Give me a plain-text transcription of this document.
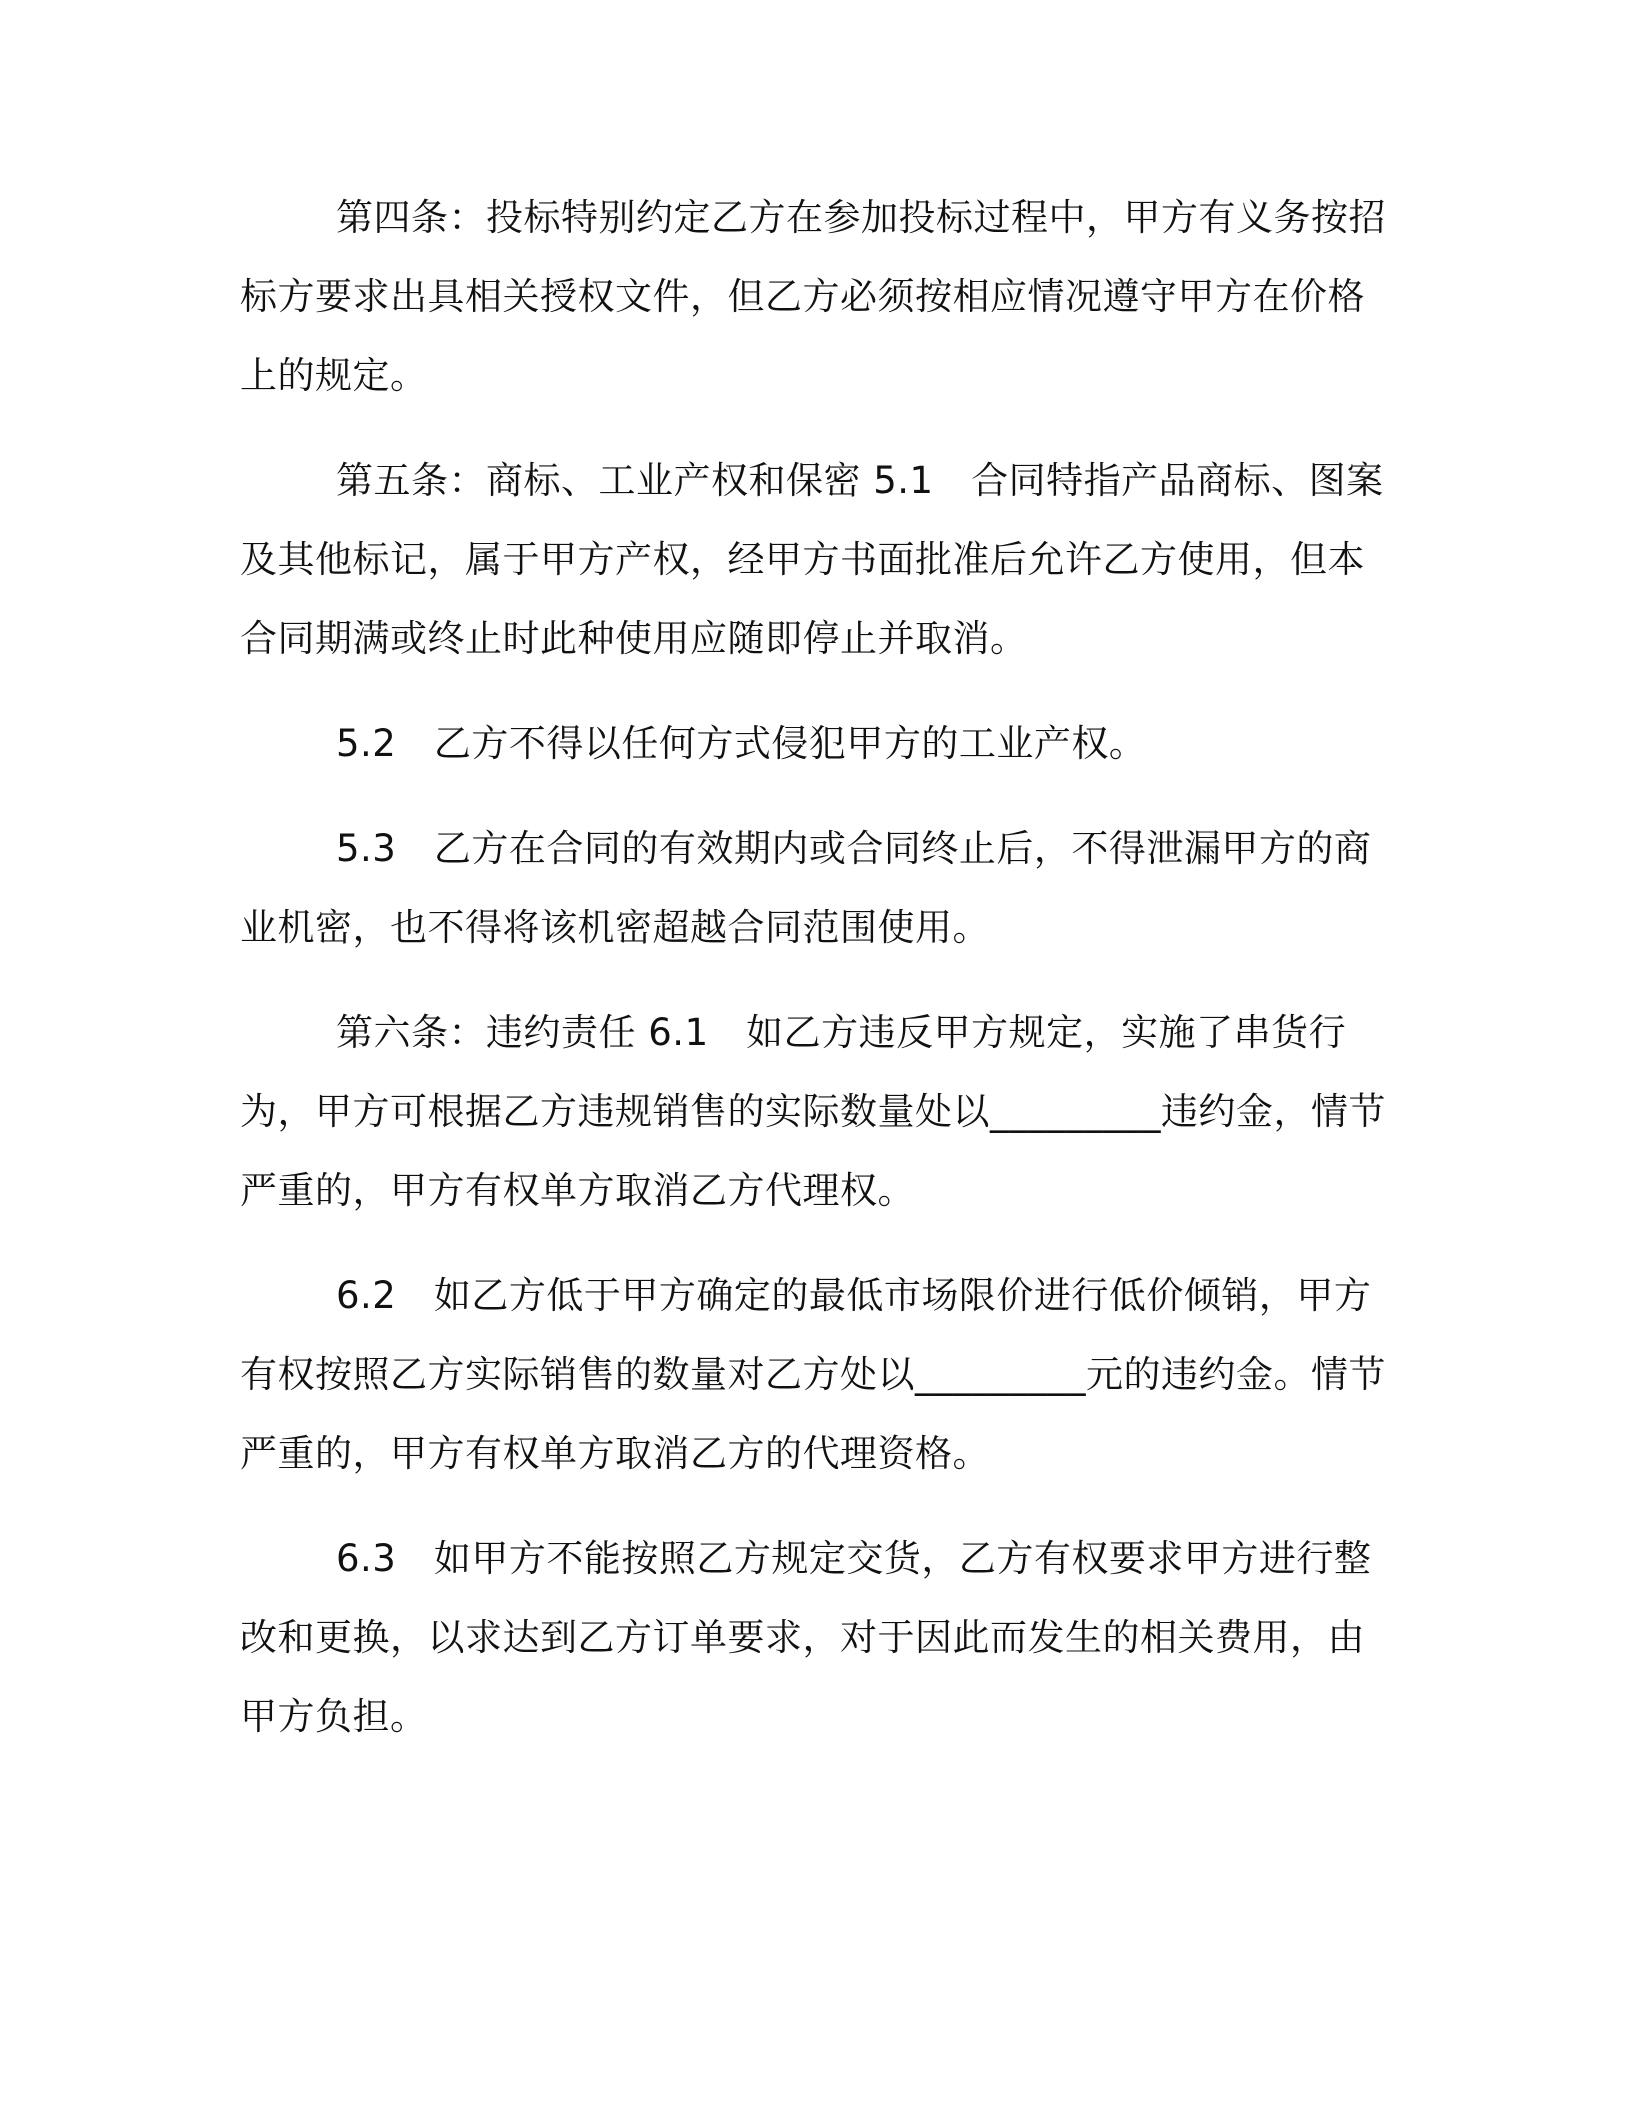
第四条：投标特别约定乙方在参加投标过程中，甲方有义务按招标方要求出具相关授权文件，但乙方必须按相应情况遵守甲方在价格上的规定。

第五条：商标、工业产权和保密 5.1　合同特指产品商标、图案及其他标记，属于甲方产权，经甲方书面批准后允许乙方使用，但本合同期满或终止时此种使用应随即停止并取消。

5.2　乙方不得以任何方式侵犯甲方的工业产权。

5.3　乙方在合同的有效期内或合同终止后，不得泄漏甲方的商业机密，也不得将该机密超越合同范围使用。

第六条：违约责任 6.1　如乙方违反甲方规定，实施了串货行为，甲方可根据乙方违规销售的实际数量处以_________违约金，情节严重的，甲方有权单方取消乙方代理权。

6.2　如乙方低于甲方确定的最低市场限价进行低价倾销，甲方有权按照乙方实际销售的数量对乙方处以_________元的违约金。情节严重的，甲方有权单方取消乙方的代理资格。

6.3　如甲方不能按照乙方规定交货，乙方有权要求甲方进行整改和更换，以求达到乙方订单要求，对于因此而发生的相关费用，由甲方负担。
